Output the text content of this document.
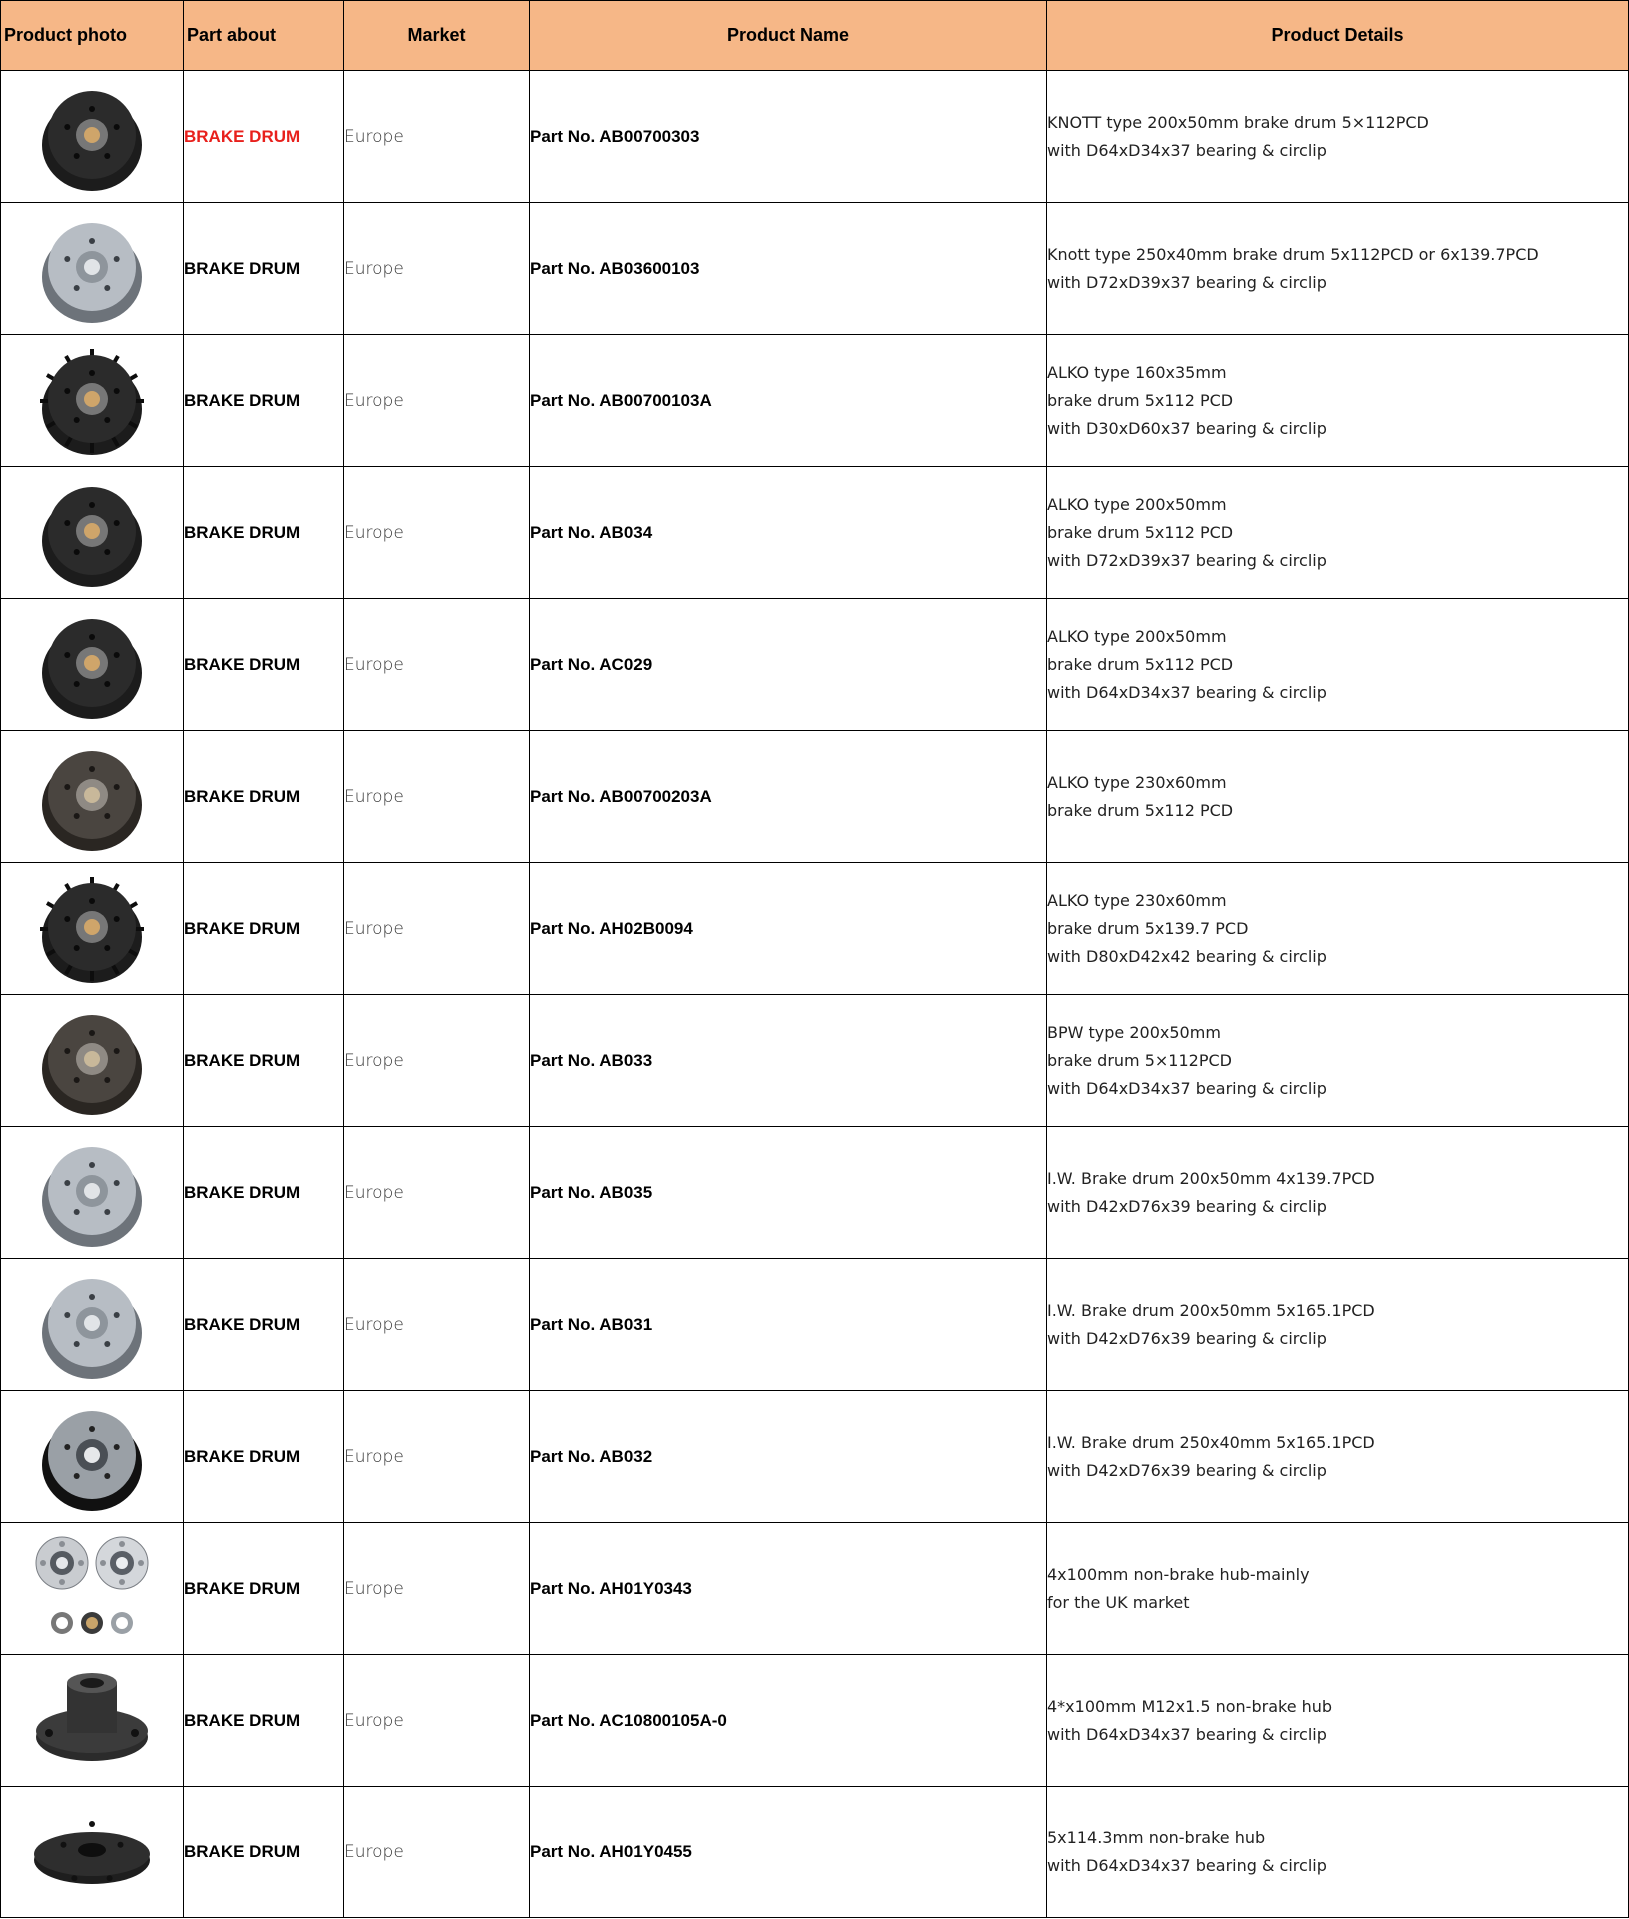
Product photo	Part about	Market	Product Name	Product Details

	BRAKE DRUM	Europe	Part No. AB00700303	KNOTT type 200x50mm brake drum 5×112PCD
with D64xD34x37 bearing & circlip

	BRAKE DRUM	Europe	Part No. AB03600103	Knott type 250x40mm brake drum 5x112PCD or 6x139.7PCD
with D72xD39x37 bearing & circlip

	BRAKE DRUM	Europe	Part No. AB00700103A	ALKO type 160x35mm
brake drum 5x112 PCD
with D30xD60x37 bearing & circlip

	BRAKE DRUM	Europe	Part No. AB034	ALKO type 200x50mm
brake drum 5x112 PCD
with D72xD39x37 bearing & circlip

	BRAKE DRUM	Europe	Part No. AC029	ALKO type 200x50mm
brake drum 5x112 PCD
with D64xD34x37 bearing & circlip

	BRAKE DRUM	Europe	Part No. AB00700203A	ALKO type 230x60mm
brake drum 5x112 PCD

	BRAKE DRUM	Europe	Part No. AH02B0094	ALKO type 230x60mm
brake drum 5x139.7 PCD
with D80xD42x42 bearing & circlip

	BRAKE DRUM	Europe	Part No. AB033	BPW type 200x50mm
brake drum 5×112PCD
with D64xD34x37 bearing & circlip

	BRAKE DRUM	Europe	Part No. AB035	I.W. Brake drum 200x50mm 4x139.7PCD
with D42xD76x39 bearing & circlip

	BRAKE DRUM	Europe	Part No. AB031	I.W. Brake drum 200x50mm 5x165.1PCD
with D42xD76x39 bearing & circlip

	BRAKE DRUM	Europe	Part No. AB032	I.W. Brake drum 250x40mm 5x165.1PCD
with D42xD76x39 bearing & circlip

	BRAKE DRUM	Europe	Part No. AH01Y0343	4x100mm non-brake hub-mainly
for the UK market

	BRAKE DRUM	Europe	Part No. AC10800105A-0	4*x100mm M12x1.5 non-brake hub
with D64xD34x37 bearing & circlip

	BRAKE DRUM	Europe	Part No. AH01Y0455	5x114.3mm non-brake hub
with D64xD34x37 bearing & circlip
